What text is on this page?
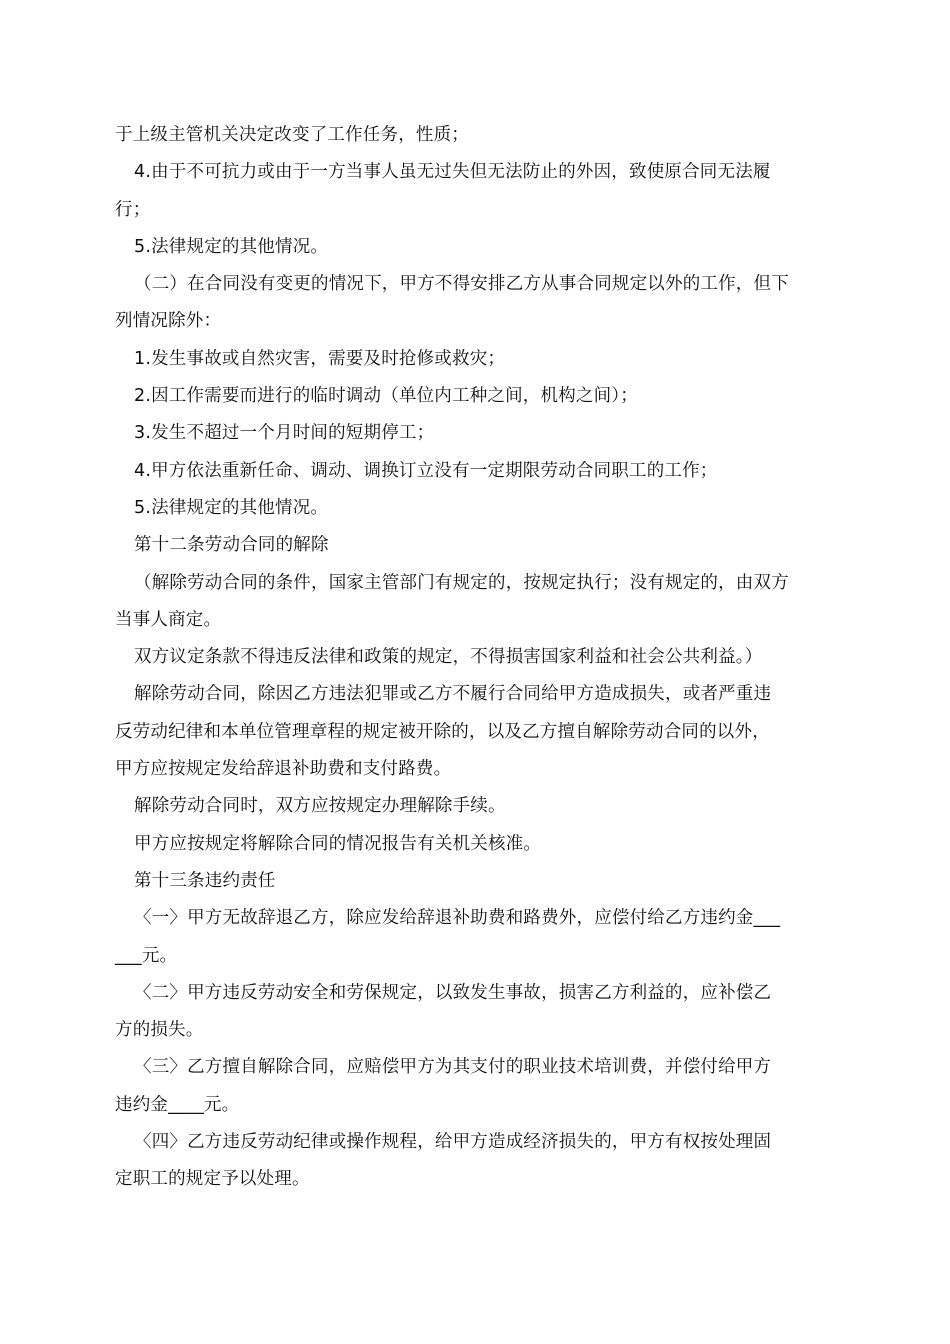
于上级主管机关决定改变了工作任务，性质；
4.由于不可抗力或由于一方当事人虽无过失但无法防止的外因，致使原合同无法履
行；
5.法律规定的其他情况。
（二）在合同没有变更的情况下，甲方不得安排乙方从事合同规定以外的工作，但下
列情况除外：
1.发生事故或自然灾害，需要及时抢修或救灾；
2.因工作需要而进行的临时调动（单位内工种之间，机构之间）；
3.发生不超过一个月时间的短期停工；
4.甲方依法重新任命、调动、调换订立没有一定期限劳动合同职工的工作；
5.法律规定的其他情况。
第十二条劳动合同的解除
（解除劳动合同的条件，国家主管部门有规定的，按规定执行；没有规定的，由双方
当事人商定。
双方议定条款不得违反法律和政策的规定，不得损害国家利益和社会公共利益。）
解除劳动合同，除因乙方违法犯罪或乙方不履行合同给甲方造成损失，或者严重违
反劳动纪律和本单位管理章程的规定被开除的，以及乙方擅自解除劳动合同的以外，
甲方应按规定发给辞退补助费和支付路费。
解除劳动合同时，双方应按规定办理解除手续。
甲方应按规定将解除合同的情况报告有关机关核准。
第十三条违约责任
〈一〉甲方无故辞退乙方，除应发给辞退补助费和路费外，应偿付给乙方违约金___
___元。
〈二〉甲方违反劳动安全和劳保规定，以致发生事故，损害乙方利益的，应补偿乙
方的损失。
〈三〉乙方擅自解除合同，应赔偿甲方为其支付的职业技术培训费，并偿付给甲方
违约金____元。
〈四〉乙方违反劳动纪律或操作规程，给甲方造成经济损失的，甲方有权按处理固
定职工的规定予以处理。
